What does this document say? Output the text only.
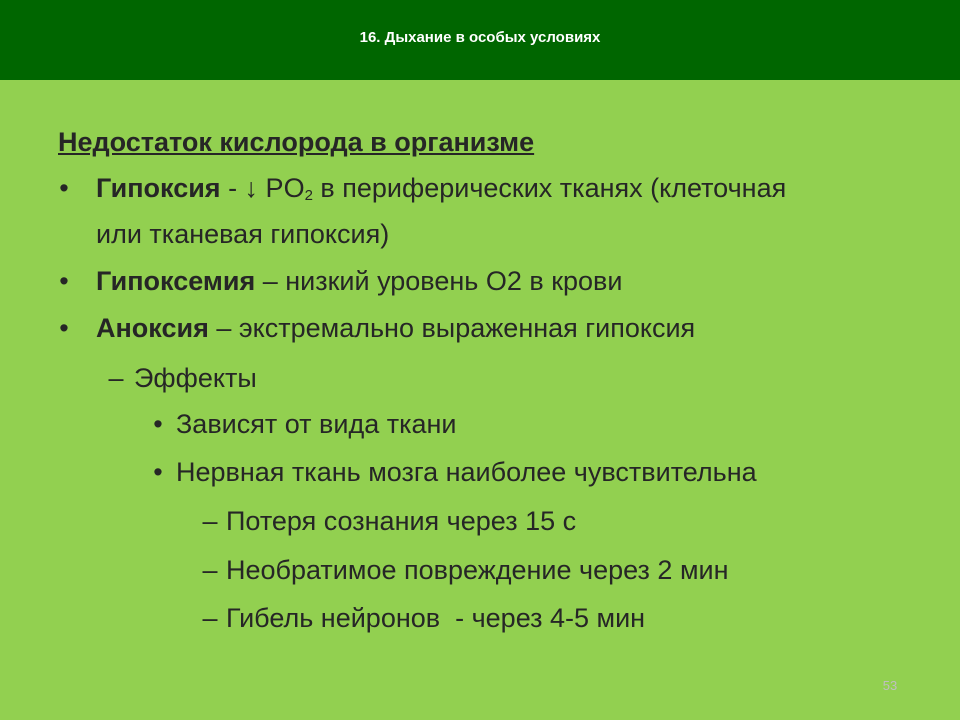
16. Дыхание в особых условиях
Недостаток кислорода в организме
• Гипоксия - ↓ $PO_2$ в периферических тканях (клеточная
или тканевая гипоксия)
• Гипоксемия – низкий уровень О2 в крови
• Аноксия – экстремально выраженная гипоксия
– Эффекты
• Зависят от вида ткани
• Нервная ткань мозга наиболее чувствительна
– Потеря сознания через 15 с
– Необратимое повреждение через 2 мин
– Гибель нейронов  - через 4-5 мин
53
